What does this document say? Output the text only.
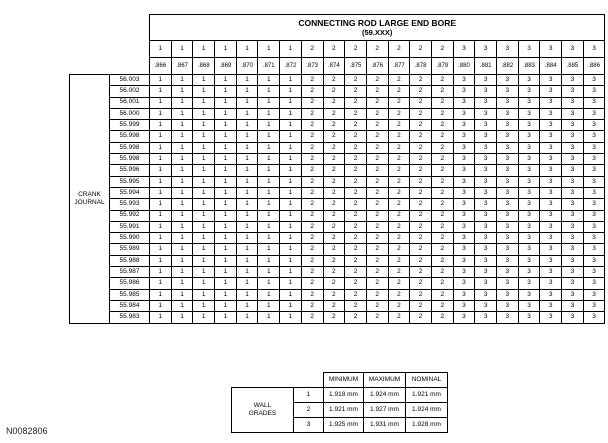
		CONNECTING ROD LARGE END BORE
(59.XXX)																				

		1	1	1	1	1	1	1	2	2	2	2	2	2	2	3	3	3	3	3	3	3
		.866	.867	.868	.869	.870	.871	.872	.873	.874	.875	.876	.877	.878	.879	.880	.881	.882	.883	.884	.885	.886

CRANK
JOURNAL	56.003	1	1	1	1	1	1	1	2	2	2	2	2	2	2	3	3	3	3	3	3	3
	56.002	1	1	1	1	1	1	1	2	2	2	2	2	2	2	3	3	3	3	3	3	3
	56.001	1	1	1	1	1	1	1	2	2	2	2	2	2	2	3	3	3	3	3	3	3
	56.000	1	1	1	1	1	1	1	2	2	2	2	2	2	2	3	3	3	3	3	3	3
	55.999	1	1	1	1	1	1	1	2	2	2	2	2	2	2	3	3	3	3	3	3	3
	55.998	1	1	1	1	1	1	1	2	2	2	2	2	2	2	3	3	3	3	3	3	3
	55.998	1	1	1	1	1	1	1	2	2	2	2	2	2	2	3	3	3	3	3	3	3
	55.998	1	1	1	1	1	1	1	2	2	2	2	2	2	2	3	3	3	3	3	3	3
	55.996	1	1	1	1	1	1	1	2	2	2	2	2	2	2	3	3	3	3	3	3	3
	55.995	1	1	1	1	1	1	1	2	2	2	2	2	2	2	3	3	3	3	3	3	3
	55.994	1	1	1	1	1	1	1	2	2	2	2	2	2	2	3	3	3	3	3	3	3
	55.993	1	1	1	1	1	1	1	2	2	2	2	2	2	2	3	3	3	3	3	3	3
	55.992	1	1	1	1	1	1	1	2	2	2	2	2	2	2	3	3	3	3	3	3	3
	55.991	1	1	1	1	1	1	1	2	2	2	2	2	2	2	3	3	3	3	3	3	3
	55.990	1	1	1	1	1	1	1	2	2	2	2	2	2	2	3	3	3	3	3	3	3
	55.989	1	1	1	1	1	1	1	2	2	2	2	2	2	2	3	3	3	3	3	3	3
	55.988	1	1	1	1	1	1	1	2	2	2	2	2	2	2	3	3	3	3	3	3	3
	55.987	1	1	1	1	1	1	1	2	2	2	2	2	2	2	3	3	3	3	3	3	3
	55.986	1	1	1	1	1	1	1	2	2	2	2	2	2	2	3	3	3	3	3	3	3
	55.985	1	1	1	1	1	1	1	2	2	2	2	2	2	2	3	3	3	3	3	3	3
	55.984	1	1	1	1	1	1	1	2	2	2	2	2	2	2	3	3	3	3	3	3	3
	55.983	1	1	1	1	1	1	1	2	2	2	2	2	2	2	3	3	3	3	3	3	3
		MINIMUM	MAXIMUM	NOMINAL

WALL
GRADES	1	1.918 mm	1.924 mm	1.921 mm
	2	1.921 mm	1.927 mm	1.924 mm
	3	1.925 mm	1.931 mm	1.928 mm
N0082806
